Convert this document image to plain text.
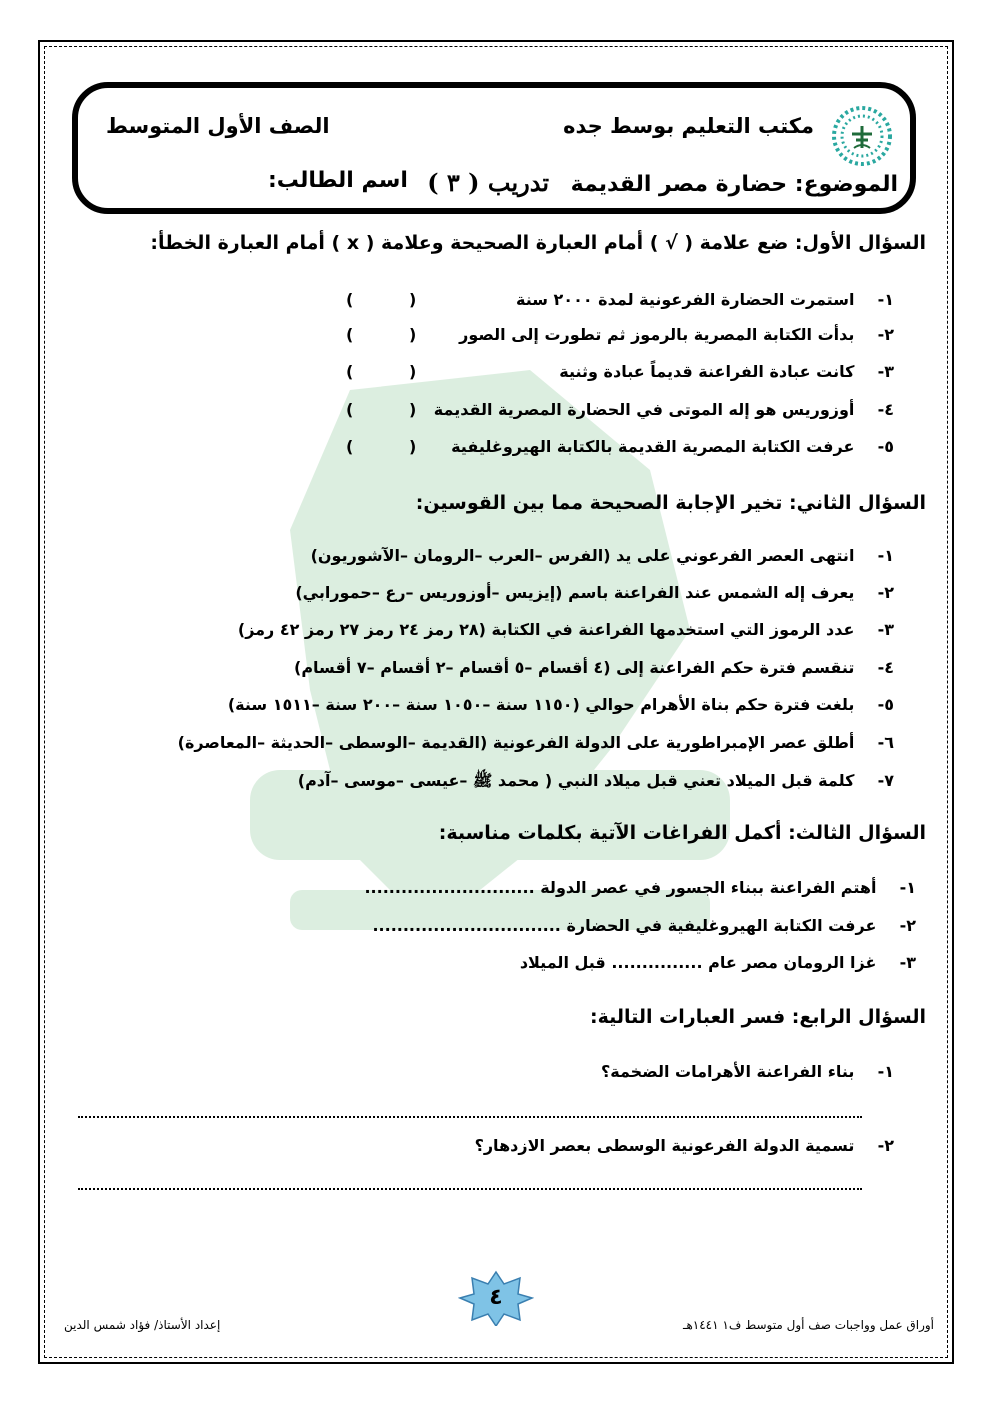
مكتب التعليم بوسط جده
الصف الأول المتوسط
الموضوع: حضارة مصر القديمة تدريب ( ٣ )
اسم الطالب:
السؤال الأول: ضع علامة ( √ ) أمام العبارة الصحيحة وعلامة ( x ) أمام العبارة الخطأ:
١- استمرت الحضارة الفرعونية لمدة ٢٠٠٠ سنة
(          )
٢- بدأت الكتابة المصرية بالرموز ثم تطورت إلى الصور
(          )
٣- كانت عبادة الفراعنة قديماً عبادة وثنية
(          )
٤- أوزوريس هو إله الموتى في الحضارة المصرية القديمة
(          )
٥- عرفت الكتابة المصرية القديمة بالكتابة الهيروغليفية
(          )
السؤال الثاني: تخير الإجابة الصحيحة مما بين القوسين:
١- انتهى العصر الفرعوني على يد (الفرس –العرب –الرومان –الآشوريون)
٢- يعرف إله الشمس عند الفراعنة باسم (إيزيس –أوزوريس –رع –حمورابي)
٣- عدد الرموز التي استخدمها الفراعنة في الكتابة (٢٨ رمز ٢٤ رمز ٢٧ رمز ٤٢ رمز)
٤- تنقسم فترة حكم الفراعنة إلى (٤ أقسام –٥ أقسام –٢ أقسام –٧ أقسام)
٥- بلغت فترة حكم بناة الأهرام حوالي (١١٥٠ سنة –١٠٥٠ سنة –٢٠٠ سنة –١٥١١ سنة)
٦- أطلق عصر الإمبراطورية على الدولة الفرعونية (القديمة –الوسطى –الحديثة –المعاصرة)
٧- كلمة قبل الميلاد تعني قبل ميلاد النبي ( محمد ﷺ –عيسى –موسى –آدم)
السؤال الثالث: أكمل الفراغات الآتية بكلمات مناسبة:
١- أهتم الفراعنة ببناء الجسور في عصر الدولة ............................
٢- عرفت الكتابة الهيروغليفية في الحضارة ...............................
٣- غزا الرومان مصر عام ............... قبل الميلاد
السؤال الرابع: فسر العبارات التالية:
١- بناء الفراعنة الأهرامات الضخمة؟
٢- تسمية الدولة الفرعونية الوسطى بعصر الازدهار؟
٤
إعداد الأستاذ/ فؤاد شمس الدين	أوراق عمل وواجبات صف أول متوسط ف١ ١٤٤١هـ
